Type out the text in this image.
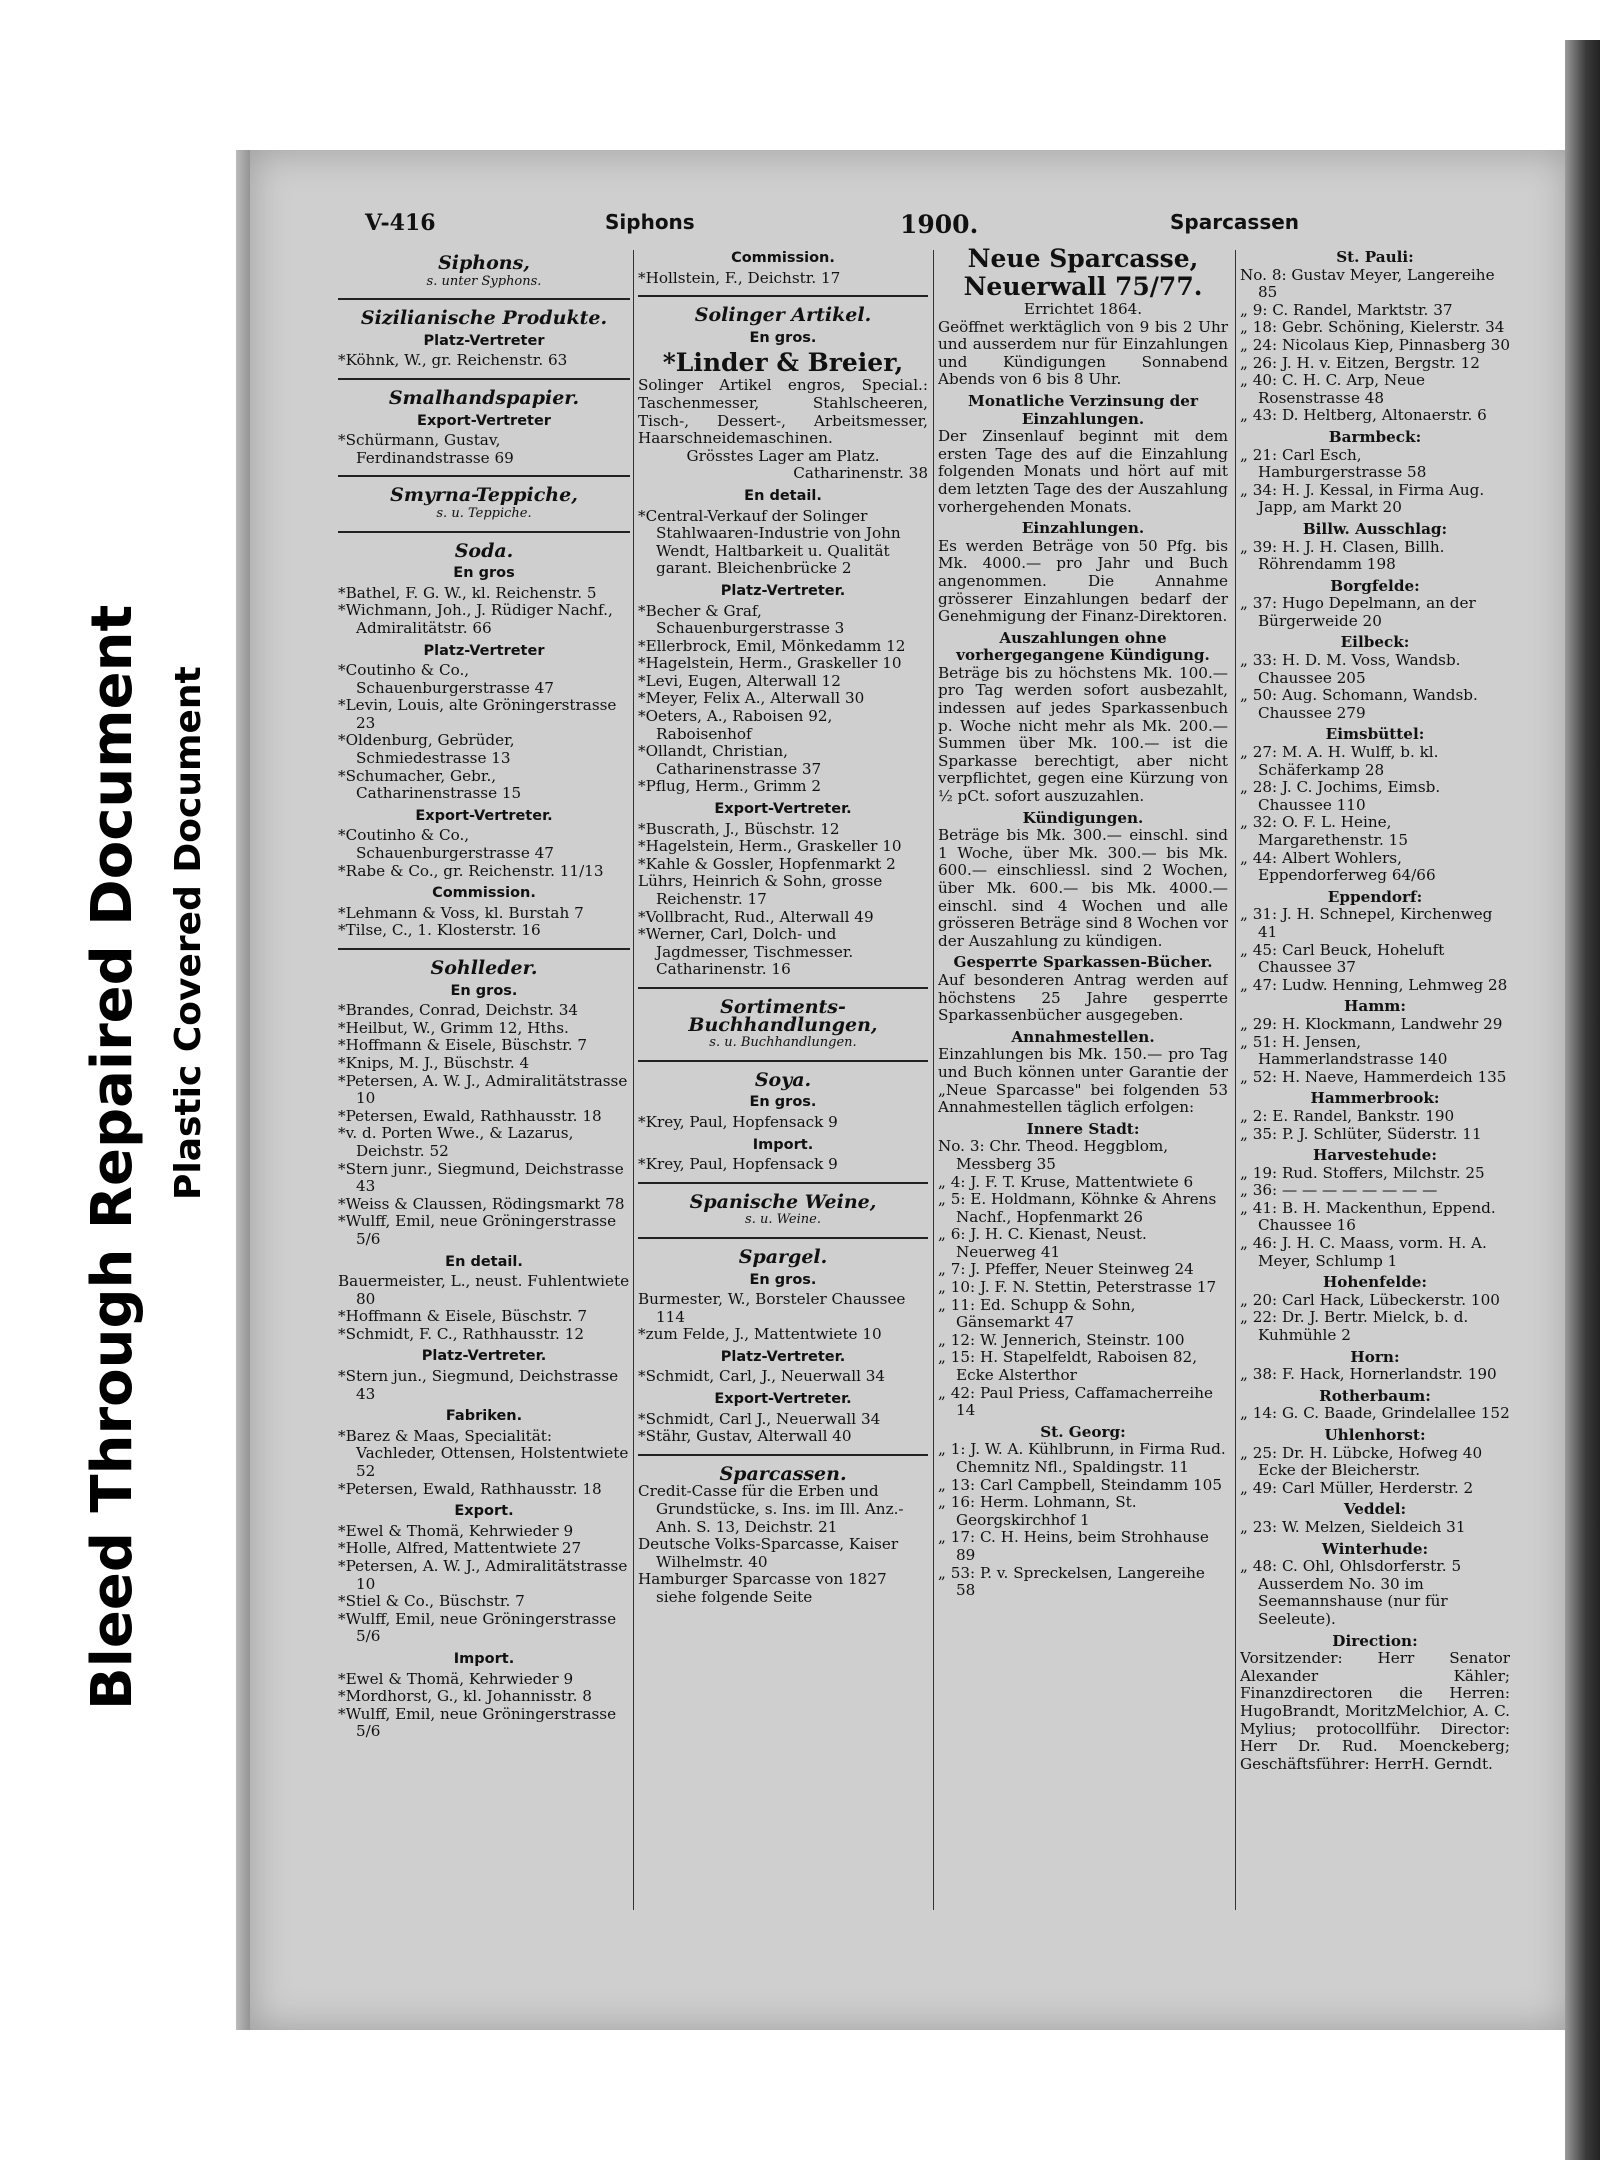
V-416	Siphons	1900.	Sparcassen
Siphons,
s. unter Syphons.
Sizilianische Produkte.
Platz-Vertreter
*Köhnk, W., gr. Reichenstr. 63
Smalhandspapier.
Export-Vertreter
*Schürmann, Gustav, Ferdinandstrasse 69
Smyrna-Teppiche,
s. u. Teppiche.
Soda.
En gros
*Bathel, F. G. W., kl. Reichenstr. 5
*Wichmann, Joh., J. Rüdiger Nachf., Admiralitätstr. 66
Platz-Vertreter
*Coutinho & Co., Schauenburgerstrasse 47
*Levin, Louis, alte Gröningerstrasse 23
*Oldenburg, Gebrüder, Schmiedestrasse 13
*Schumacher, Gebr., Catharinenstrasse 15
Export-Vertreter.
*Coutinho & Co., Schauenburgerstrasse 47
*Rabe & Co., gr. Reichenstr. 11/13
Commission.
*Lehmann & Voss, kl. Burstah 7
*Tilse, C., 1. Klosterstr. 16
Sohlleder.
En gros.
*Brandes, Conrad, Deichstr. 34
*Heilbut, W., Grimm 12, Hths.
*Hoffmann & Eisele, Büschstr. 7
*Knips, M. J., Büschstr. 4
*Petersen, A. W. J., Admiralitätstrasse 10
*Petersen, Ewald, Rathhausstr. 18
*v. d. Porten Wwe., & Lazarus, Deichstr. 52
*Stern junr., Siegmund, Deichstrasse 43
*Weiss & Claussen, Rödingsmarkt 78
*Wulff, Emil, neue Gröningerstrasse 5/6
En detail.
Bauermeister, L., neust. Fuhlentwiete 80
*Hoffmann & Eisele, Büschstr. 7
*Schmidt, F. C., Rathhausstr. 12
Platz-Vertreter.
*Stern jun., Siegmund, Deichstrasse 43
Fabriken.
*Barez & Maas, Specialität: Vachleder, Ottensen, Holstentwiete 52
*Petersen, Ewald, Rathhausstr. 18
Export.
*Ewel & Thomä, Kehrwieder 9
*Holle, Alfred, Mattentwiete 27
*Petersen, A. W. J., Admiralitätstrasse 10
*Stiel & Co., Büschstr. 7
*Wulff, Emil, neue Gröningerstrasse 5/6
Import.
*Ewel & Thomä, Kehrwieder 9
*Mordhorst, G., kl. Johannisstr. 8
*Wulff, Emil, neue Gröningerstrasse 5/6
Commission.
*Hollstein, F., Deichstr. 17
Solinger Artikel.
En gros.
*Linder & Breier,
Solinger Artikel engros, Special.: Taschenmesser, Stahlscheeren, Tisch-, Dessert-, Arbeitsmesser, Haarschneidemaschinen.
Grösstes Lager am Platz.
Catharinenstr. 38
En detail.
*Central-Verkauf der Solinger Stahlwaaren-Industrie von John Wendt, Haltbarkeit u. Qualität garant. Bleichenbrücke 2
Platz-Vertreter.
*Becher & Graf, Schauenburgerstrasse 3
*Ellerbrock, Emil, Mönkedamm 12
*Hagelstein, Herm., Graskeller 10
*Levi, Eugen, Alterwall 12
*Meyer, Felix A., Alterwall 30
*Oeters, A., Raboisen 92, Raboisenhof
*Ollandt, Christian, Catharinenstrasse 37
*Pflug, Herm., Grimm 2
Export-Vertreter.
*Buscrath, J., Büschstr. 12
*Hagelstein, Herm., Graskeller 10
*Kahle & Gossler, Hopfenmarkt 2
Lührs, Heinrich & Sohn, grosse Reichenstr. 17
*Vollbracht, Rud., Alterwall 49
*Werner, Carl, Dolch- und Jagdmesser, Tischmesser. Catharinenstr. 16
Sortiments-Buchhandlungen,
s. u. Buchhandlungen.
Soya.
En gros.
*Krey, Paul, Hopfensack 9
Import.
*Krey, Paul, Hopfensack 9
Spanische Weine,
s. u. Weine.
Spargel.
En gros.
Burmester, W., Borsteler Chaussee 114
*zum Felde, J., Mattentwiete 10
Platz-Vertreter.
*Schmidt, Carl, J., Neuerwall 34
Export-Vertreter.
*Schmidt, Carl J., Neuerwall 34
*Stähr, Gustav, Alterwall 40
Sparcassen.
Credit-Casse für die Erben und Grundstücke, s. Ins. im Ill. Anz.-Anh. S. 13, Deichstr. 21
Deutsche Volks-Sparcasse, Kaiser Wilhelmstr. 40
Hamburger Sparcasse von 1827 siehe folgende Seite
Neue Sparcasse,
Neuerwall 75/77.
Errichtet 1864.
Geöffnet werktäglich von 9 bis 2 Uhr und ausserdem nur für Einzahlungen und Kündigungen Sonnabend Abends von 6 bis 8 Uhr.
Monatliche Verzinsung der Einzahlungen.
Der Zinsenlauf beginnt mit dem ersten Tage des auf die Einzahlung folgenden Monats und hört auf mit dem letzten Tage des der Auszahlung vorhergehenden Monats.
Einzahlungen.
Es werden Beträge von 50 Pfg. bis Mk. 4000.— pro Jahr und Buch angenommen. Die Annahme grösserer Einzahlungen bedarf der Genehmigung der Finanz-Direktoren.
Auszahlungen ohne vorhergegangene Kündigung.
Beträge bis zu höchstens Mk. 100.— pro Tag werden sofort ausbezahlt, indessen auf jedes Sparkassenbuch p. Woche nicht mehr als Mk. 200.— Summen über Mk. 100.— ist die Sparkasse berechtigt, aber nicht verpflichtet, gegen eine Kürzung von ½ pCt. sofort auszuzahlen.
Kündigungen.
Beträge bis Mk. 300.— einschl. sind 1 Woche, über Mk. 300.— bis Mk. 600.— einschliessl. sind 2 Wochen, über Mk. 600.— bis Mk. 4000.— einschl. sind 4 Wochen und alle grösseren Beträge sind 8 Wochen vor der Auszahlung zu kündigen.
Gesperrte Sparkassen-Bücher.
Auf besonderen Antrag werden auf höchstens 25 Jahre gesperrte Sparkassenbücher ausgegeben.
Annahmestellen.
Einzahlungen bis Mk. 150.— pro Tag und Buch können unter Garantie der „Neue Sparcasse" bei folgenden 53 Annahmestellen täglich erfolgen:
Innere Stadt:
No. 3: Chr. Theod. Heggblom, Messberg 35
„ 4: J. F. T. Kruse, Mattentwiete 6
„ 5: E. Holdmann, Köhnke & Ahrens Nachf., Hopfenmarkt 26
„ 6: J. H. C. Kienast, Neust. Neuerweg 41
„ 7: J. Pfeffer, Neuer Steinweg 24
„ 10: J. F. N. Stettin, Peterstrasse 17
„ 11: Ed. Schupp & Sohn, Gänsemarkt 47
„ 12: W. Jennerich, Steinstr. 100
„ 15: H. Stapelfeldt, Raboisen 82, Ecke Alsterthor
„ 42: Paul Priess, Caffamacherreihe 14
St. Georg:
„ 1: J. W. A. Kühlbrunn, in Firma Rud. Chemnitz Nfl., Spaldingstr. 11
„ 13: Carl Campbell, Steindamm 105
„ 16: Herm. Lohmann, St. Georgskirchhof 1
„ 17: C. H. Heins, beim Strohhause 89
„ 53: P. v. Spreckelsen, Langereihe 58
St. Pauli:
No. 8: Gustav Meyer, Langereihe 85
„ 9: C. Randel, Marktstr. 37
„ 18: Gebr. Schöning, Kielerstr. 34
„ 24: Nicolaus Kiep, Pinnasberg 30
„ 26: J. H. v. Eitzen, Bergstr. 12
„ 40: C. H. C. Arp, Neue Rosenstrasse 48
„ 43: D. Heltberg, Altonaerstr. 6
Barmbeck:
„ 21: Carl Esch, Hamburgerstrasse 58
„ 34: H. J. Kessal, in Firma Aug. Japp, am Markt 20
Billw. Ausschlag:
„ 39: H. J. H. Clasen, Billh. Röhrendamm 198
Borgfelde:
„ 37: Hugo Depelmann, an der Bürgerweide 20
Eilbeck:
„ 33: H. D. M. Voss, Wandsb. Chaussee 205
„ 50: Aug. Schomann, Wandsb. Chaussee 279
Eimsbüttel:
„ 27: M. A. H. Wulff, b. kl. Schäferkamp 28
„ 28: J. C. Jochims, Eimsb. Chaussee 110
„ 32: O. F. L. Heine, Margarethenstr. 15
„ 44: Albert Wohlers, Eppendorferweg 64/66
Eppendorf:
„ 31: J. H. Schnepel, Kirchenweg 41
„ 45: Carl Beuck, Hoheluft Chaussee 37
„ 47: Ludw. Henning, Lehmweg 28
Hamm:
„ 29: H. Klockmann, Landwehr 29
„ 51: H. Jensen, Hammerlandstrasse 140
„ 52: H. Naeve, Hammerdeich 135
Hammerbrook:
„ 2: E. Randel, Bankstr. 190
„ 35: P. J. Schlüter, Süderstr. 11
Harvestehude:
„ 19: Rud. Stoffers, Milchstr. 25
„ 36: — — — — — — — —
„ 41: B. H. Mackenthun, Eppend. Chaussee 16
„ 46: J. H. C. Maass, vorm. H. A. Meyer, Schlump 1
Hohenfelde:
„ 20: Carl Hack, Lübeckerstr. 100
„ 22: Dr. J. Bertr. Mielck, b. d. Kuhmühle 2
Horn:
„ 38: F. Hack, Hornerlandstr. 190
Rotherbaum:
„ 14: G. C. Baade, Grindelallee 152
Uhlenhorst:
„ 25: Dr. H. Lübcke, Hofweg 40 Ecke der Bleicherstr.
„ 49: Carl Müller, Herderstr. 2
Veddel:
„ 23: W. Melzen, Sieldeich 31
Winterhude:
„ 48: C. Ohl, Ohlsdorferstr. 5 Ausserdem No. 30 im Seemannshause (nur für Seeleute).
Direction:
Vorsitzender: Herr Senator Alexander Kähler; Finanzdirectoren die Herren: HugoBrandt, MoritzMelchior, A. C. Mylius; protocollführ. Director: Herr Dr. Rud. Moenckeberg; Geschäftsführer: HerrH. Gerndt.
Bleed Through Repaired Document Plastic Covered Document
